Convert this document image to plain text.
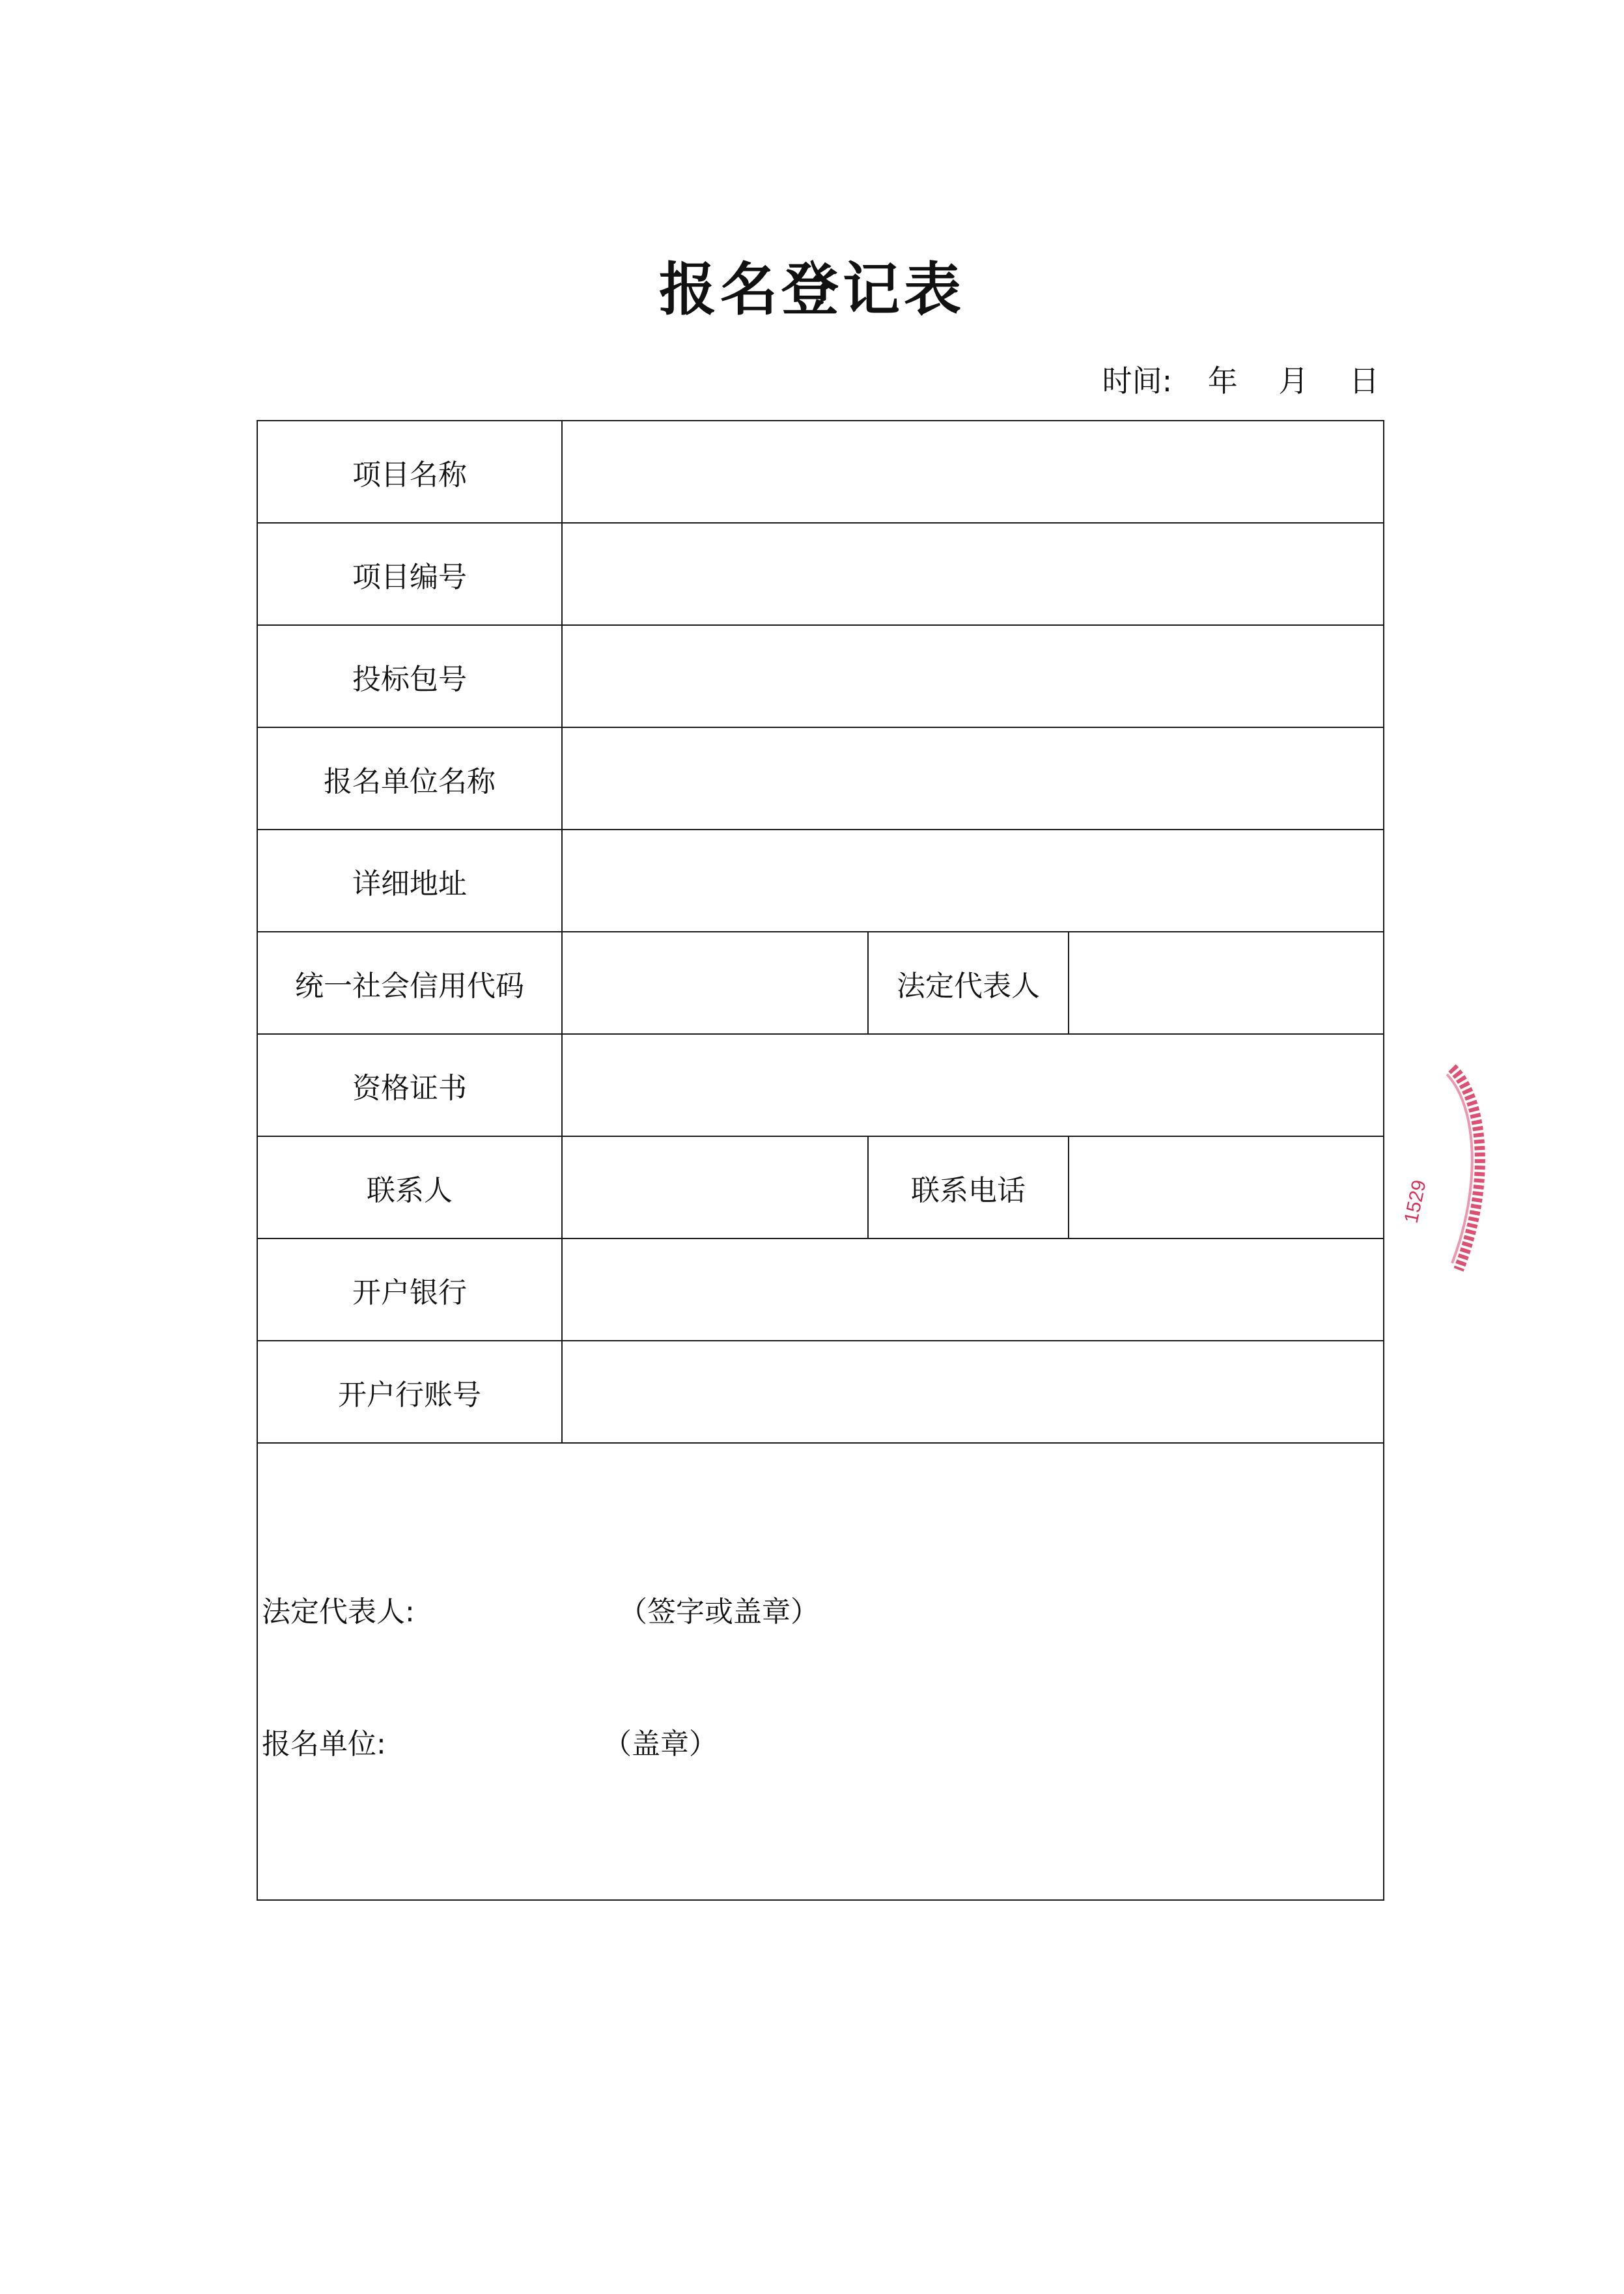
报名登记表
时间: 年 月 日
项目名称			
项目编号			
投标包号			
报名单位名称			
详细地址			
统一社会信用代码		法定代表人	
资格证书			
联系人		联系电话	
开户银行			
开户行账号			

法定代表人: （签字或盖章）
报名单位: （盖章）			
1529
